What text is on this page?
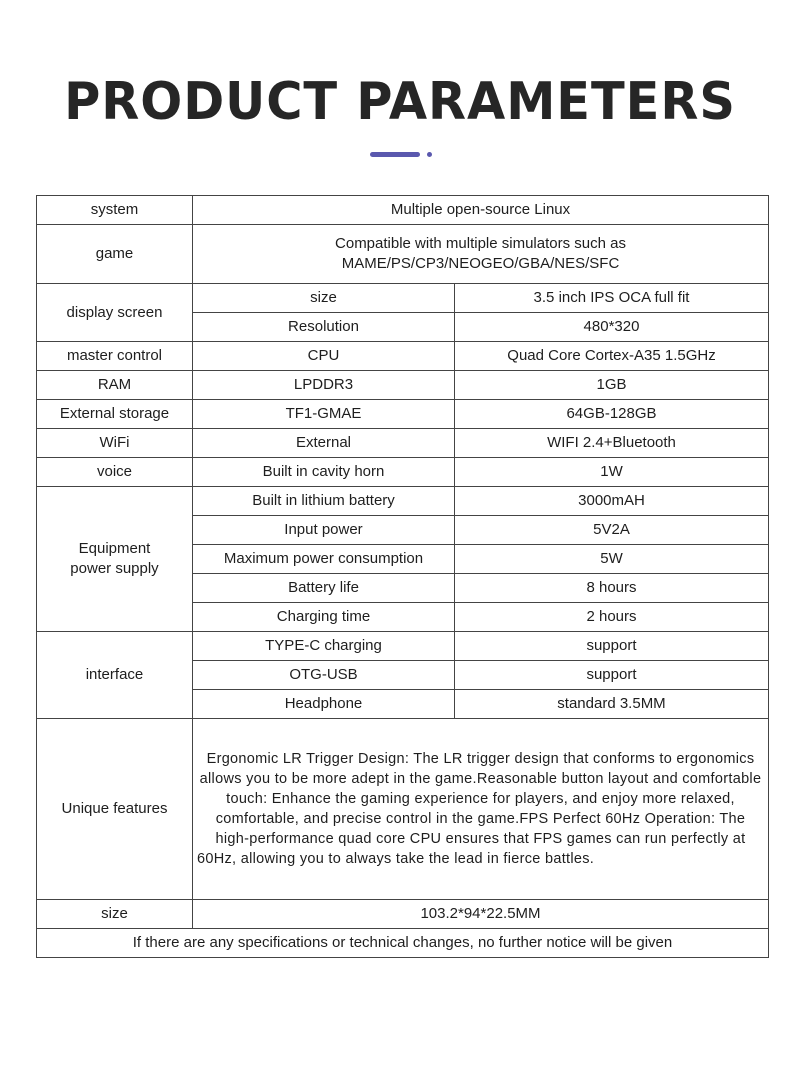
PRODUCT PARAMETERS
system	Multiple open-source Linux	
game	Compatible with multiple simulators such as
MAME/PS/CP3/NEOGEO/GBA/NES/SFC	

display screen	size	3.5 inch IPS OCA full fit
	Resolution	480*320
master control	CPU	Quad Core Cortex-A35 1.5GHz
RAM	LPDDR3	1GB
External storage	TF1-GMAE	64GB-128GB
WiFi	External	WIFI 2.4+Bluetooth
voice	Built in cavity horn	1W

Equipment
power supply	Built in lithium battery	3000mAH
	Input power	5V2A
	Maximum power consumption	5W
	Battery life	8 hours
	Charging time	2 hours
interface	TYPE-C charging	support
	OTG-USB	support
	Headphone	standard 3.5MM
Unique features	Ergonomic LR Trigger Design: The LR trigger design that conforms to ergonomics allows you to be more adept in the game.Reasonable button layout and comfortable touch: Enhance the gaming experience for players, and enjoy more relaxed, comfortable, and precise control in the game.FPS Perfect 60Hz Operation: The high-performance quad core CPU ensures that FPS games can run perfectly at 60Hz, allowing you to always take the lead in fierce battles.	
size	103.2*94*22.5MM	
If there are any specifications or technical changes, no further notice will be given		
